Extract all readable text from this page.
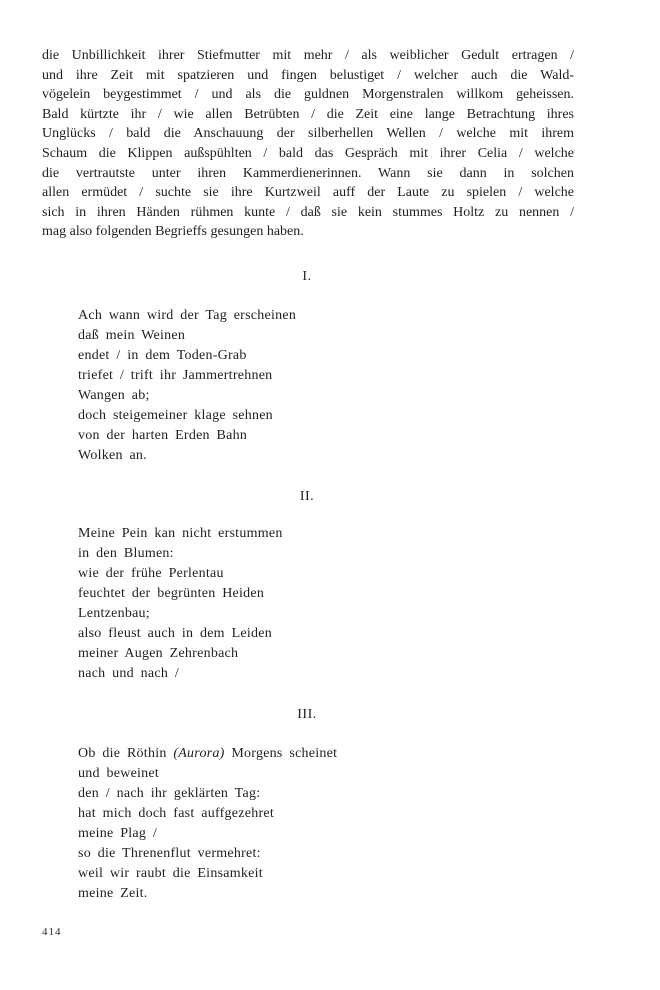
die Unbillichkeit ihrer Stiefmutter mit mehr / als weiblicher Gedult ertragen /
und ihre Zeit mit spatzieren und fingen belustiget / welcher auch die Wald-
vögelein beygestimmet / und als die guldnen Morgenstralen willkom geheissen.
Bald kürtzte ihr / wie allen Betrübten / die Zeit eine lange Betrachtung ihres
Unglücks / bald die Anschauung der silberhellen Wellen / welche mit ihrem
Schaum die Klippen außspühlten / bald das Gespräch mit ihrer Celia / welche
die vertrautste unter ihren Kammerdienerinnen. Wann sie dann in solchen
allen ermüdet / suchte sie ihre Kurtzweil auff der Laute zu spielen / welche
sich in ihren Händen rühmen kunte / daß sie kein stummes Holtz zu nennen /
mag also folgenden Begrieffs gesungen haben.
I.
Ach wann wird der Tag erscheinen
daß mein Weinen
endet / in dem Toden-Grab
triefet / trift ihr Jammertrehnen
Wangen ab;
doch steigemeiner klage sehnen
von der harten Erden Bahn
Wolken an.
II.
Meine Pein kan nicht erstummen
in den Blumen:
wie der frühe Perlentau
feuchtet der begrünten Heiden
Lentzenbau;
also fleust auch in dem Leiden
meiner Augen Zehrenbach
nach und nach /
III.
Ob die Röthin (Aurora) Morgens scheinet
und beweinet
den / nach ihr geklärten Tag:
hat mich doch fast auffgezehret
meine Plag /
so die Threnenflut vermehret:
weil wir raubt die Einsamkeit
meine Zeit.
414
